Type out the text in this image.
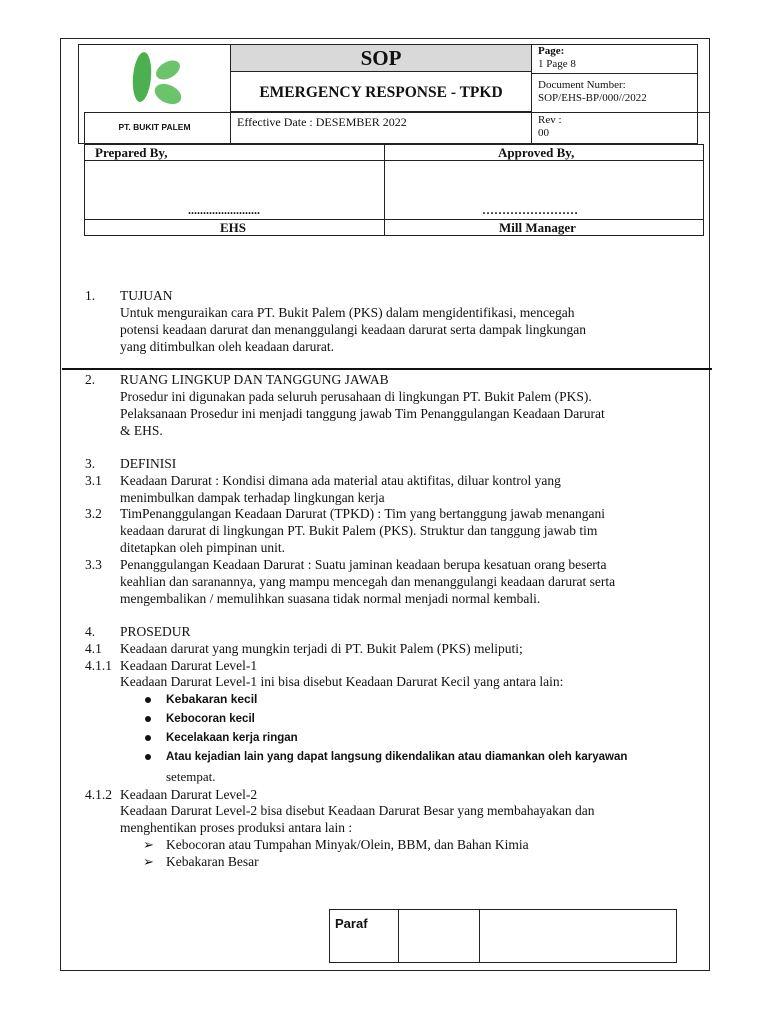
PT. BUKIT PALEM
SOP
EMERGENCY RESPONSE - TPKD
Effective Date : DESEMBER 2022
Page:
1 Page 8
Document Number:
SOP/EHS-BP/000//2022
Rev :
00
Prepared By,	Approved By,
........................	……………………
EHS	Mill Manager
1. TUJUAN
Untuk menguraikan cara PT. Bukit Palem (PKS) dalam mengidentifikasi, mencegah
potensi keadaan darurat dan menanggulangi keadaan darurat serta dampak lingkungan
yang ditimbulkan oleh keadaan darurat.
2. RUANG LINGKUP DAN TANGGUNG JAWAB
Prosedur ini digunakan pada seluruh perusahaan di lingkungan PT. Bukit Palem (PKS).
Pelaksanaan Prosedur ini menjadi tanggung jawab Tim Penanggulangan Keadaan Darurat
& EHS.
3. DEFINISI
3.1 Keadaan Darurat : Kondisi dimana ada material atau aktifitas, diluar kontrol yang
menimbulkan dampak terhadap lingkungan kerja
3.2 TimPenanggulangan Keadaan Darurat (TPKD) : Tim yang bertanggung jawab menangani
keadaan darurat di lingkungan PT. Bukit Palem (PKS). Struktur dan tanggung jawab tim
ditetapkan oleh pimpinan unit.
3.3 Penanggulangan Keadaan Darurat : Suatu jaminan keadaan berupa kesatuan orang beserta
keahlian dan saranannya, yang mampu mencegah dan menanggulangi keadaan darurat serta
mengembalikan / memulihkan suasana tidak normal menjadi normal kembali.
4. PROSEDUR
4.1 Keadaan darurat yang mungkin terjadi di PT. Bukit Palem (PKS) meliputi;
4.1.1 Keadaan Darurat Level-1
Keadaan Darurat Level-1 ini bisa disebut Keadaan Darurat Kecil yang antara lain:
Kebakaran kecil
Kebocoran kecil
Kecelakaan kerja ringan
Atau kejadian lain yang dapat langsung dikendalikan atau diamankan oleh karyawan
setempat.
4.1.2 Keadaan Darurat Level-2
Keadaan Darurat Level-2 bisa disebut Keadaan Darurat Besar yang membahayakan dan
menghentikan proses produksi antara lain :
➢ Kebocoran atau Tumpahan Minyak/Olein, BBM, dan Bahan Kimia
➢ Kebakaran Besar
Paraf
